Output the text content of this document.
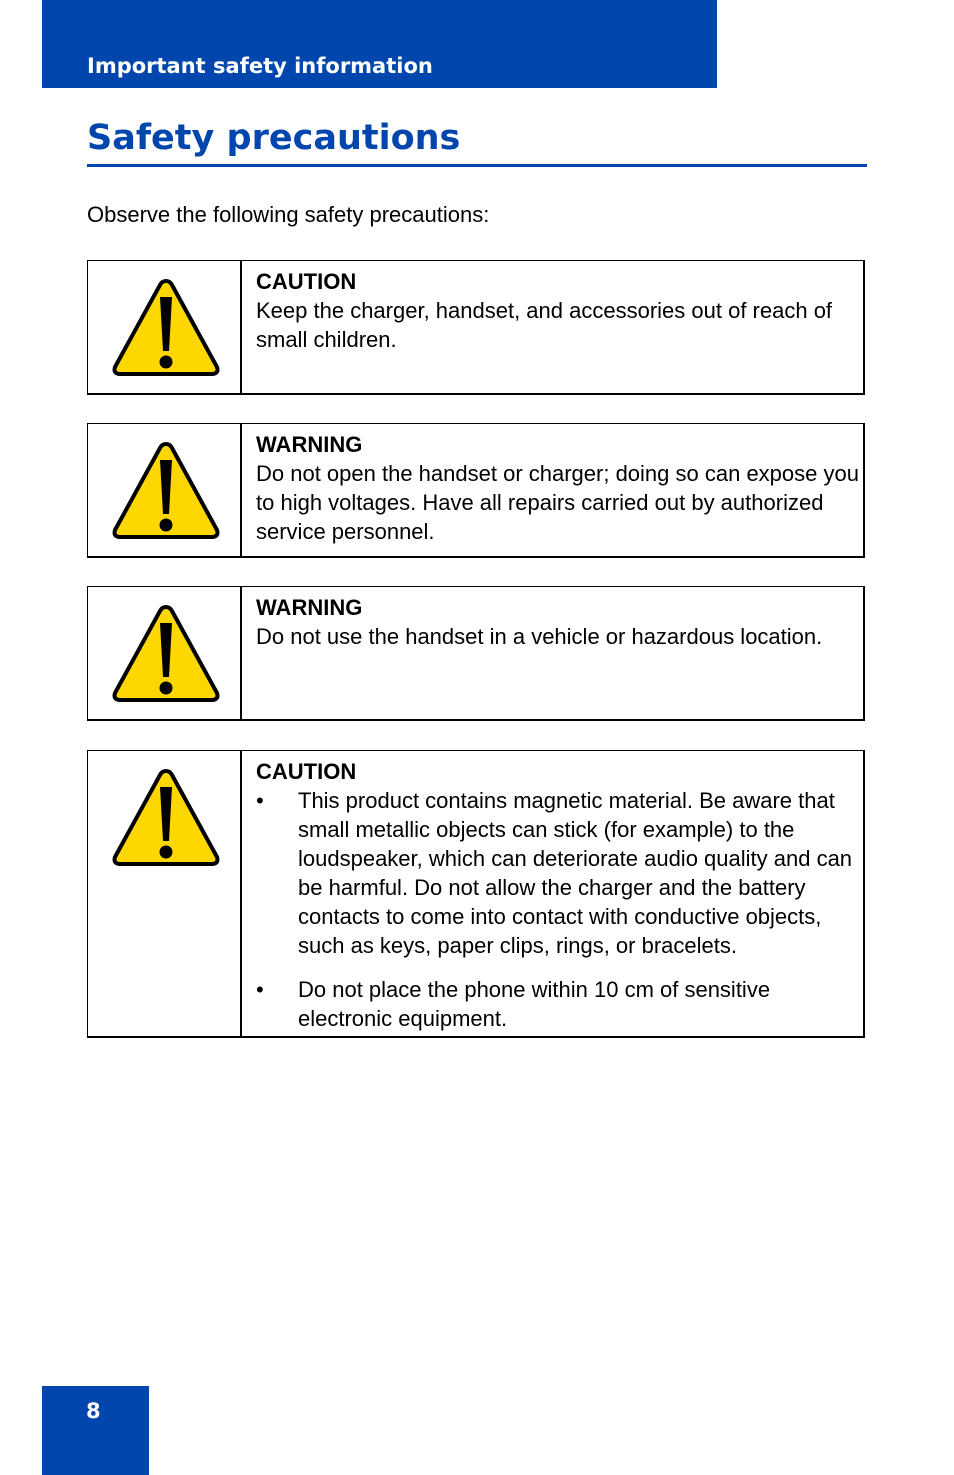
Important safety information
Safety precautions
Observe the following safety precautions:
CAUTION
Keep the charger, handset, and accessories out of reach of small children.
WARNING
Do not open the handset or charger; doing so can expose you to high voltages. Have all repairs carried out by authorized service personnel.
WARNING
Do not use the handset in a vehicle or hazardous location.
CAUTION
• This product contains magnetic material. Be aware that small metallic objects can stick (for example) to the loudspeaker, which can deteriorate audio quality and can be harmful. Do not allow the charger and the battery contacts to come into contact with conductive objects, such as keys, paper clips, rings, or bracelets.
• Do not place the phone within 10 cm of sensitive electronic equipment.
8
